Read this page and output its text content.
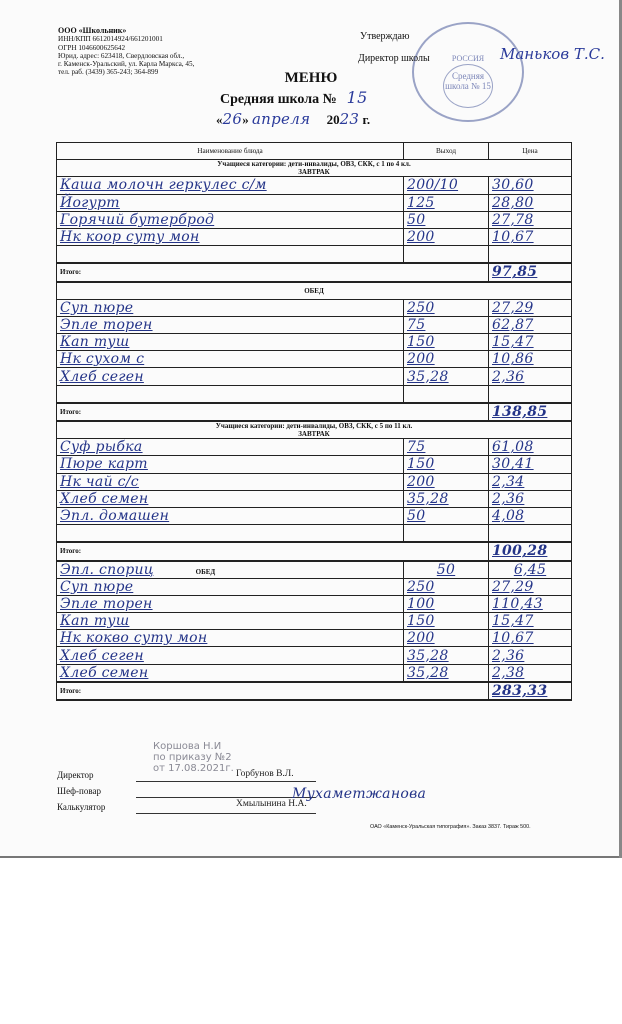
ООО «Школьник»
ИНН/КПП 6612014924/661201001
ОГРН 1046600625642
Юрид. адрес: 623418, Свердловская обл.,
г. Каменск-Уральский, ул. Карла Маркса, 45,
тел. раб. (3439) 365-243; 364-899
РОССИЯ
Средняя школа № 15
Утверждаю
Директор школы	Маньков Т.С.
МЕНЮ
Средняя школа № 15
«26» апреля 2023 г.
Наименование блюда	Выход	Цена
Учащиеся категории: дети-инвалиды, ОВЗ, СКК, с 1 по 4 кл.
ЗАВТРАК		
Каша молочн геркулес с/м	200/10	30,60
Йогурт	125	28,80
Горячий бутерброд	50	27,78
Нк коор суту мон	200	10,67

Итого:		97,85
ОБЕД		
Суп пюре	250	27,29
Эпле торен	75	62,87
Кап туш	150	15,47
Нк сухом с	200	10,86
Хлеб сеген	35,28	2,36

Итого:		138,85
Учащиеся категории: дети-инвалиды, ОВЗ, СКК, с 5 по 11 кл.
ЗАВТРАК		
Суф рыбка	75	61,08
Пюре карт	150	30,41
Нк чай с/с	200	2,34
Хлеб семен	35,28	2,36
Эпл. домашен	50	4,08

Итого:		100,28
Эпл. спориц ОБЕД	50	6,45
Суп пюре	250	27,29
Эпле торен	100	110,43
Кап туш	150	15,47
Нк кокво суту мон	200	10,67
Хлеб сеген	35,28	2,36
Хлеб семен	35,28	2,38
Итого:		283,33
Коршова Н.И
по приказу №2
от 17.08.2021г.
Директор
Шеф-повар
Калькулятор
Горбунов В.Л.
Мухаметжанова
Хмылынина Н.А.
ОАО «Каменск-Уральская типография». Заказ 3837. Тираж 500.
